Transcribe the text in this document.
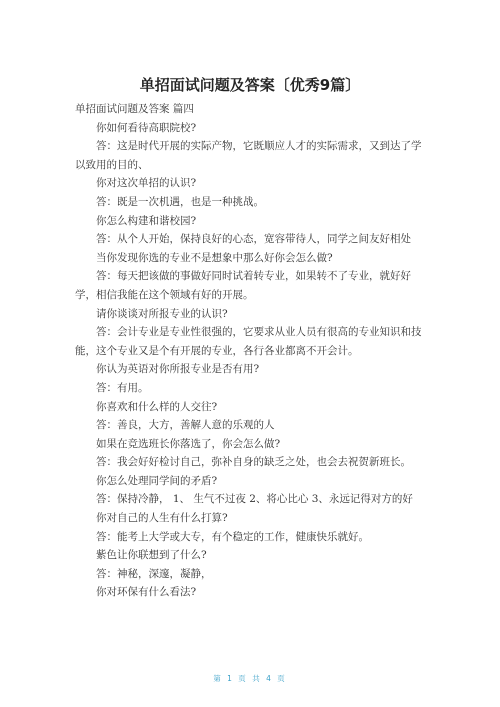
单招面试问题及答案〔优秀9篇〕

单招面试问题及答案 篇四

你如何看待高职院校?

答：这是时代开展的实际产物，它既顺应人才的实际需求，又到达了学以致用的目的、

你对这次单招的认识?

答：既是一次机遇，也是一种挑战。

你怎么构建和谐校园?

答：从个人开始，保持良好的心态，宽容带待人，同学之间友好相处

当你发现你选的专业不是想象中那么好你会怎么做?

答：每天把该做的事做好同时试着转专业，如果转不了专业，就好好学，相信我能在这个领域有好的开展。

请你谈谈对所报专业的认识?

答：会计专业是专业性很强的，它要求从业人员有很高的专业知识和技能，这个专业又是个有开展的专业，各行各业都离不开会计。

你认为英语对你所报专业是否有用?

答：有用。

你喜欢和什么样的人交往?

答：善良，大方，善解人意的乐观的人

如果在竞选班长你落选了，你会怎么做?

答：我会好好检讨自己，弥补自身的缺乏之处，也会去祝贺新班长。

你怎么处理同学间的矛盾?

答：保持冷静， 1、 生气不过夜 2、将心比心 3、永远记得对方的好

你对自己的人生有什么打算?

答：能考上大学或大专，有个稳定的工作，健康快乐就好。

紫色让你联想到了什么?

答：神秘，深邃，凝静，

你对环保有什么看法?

第 1 页 共 4 页
